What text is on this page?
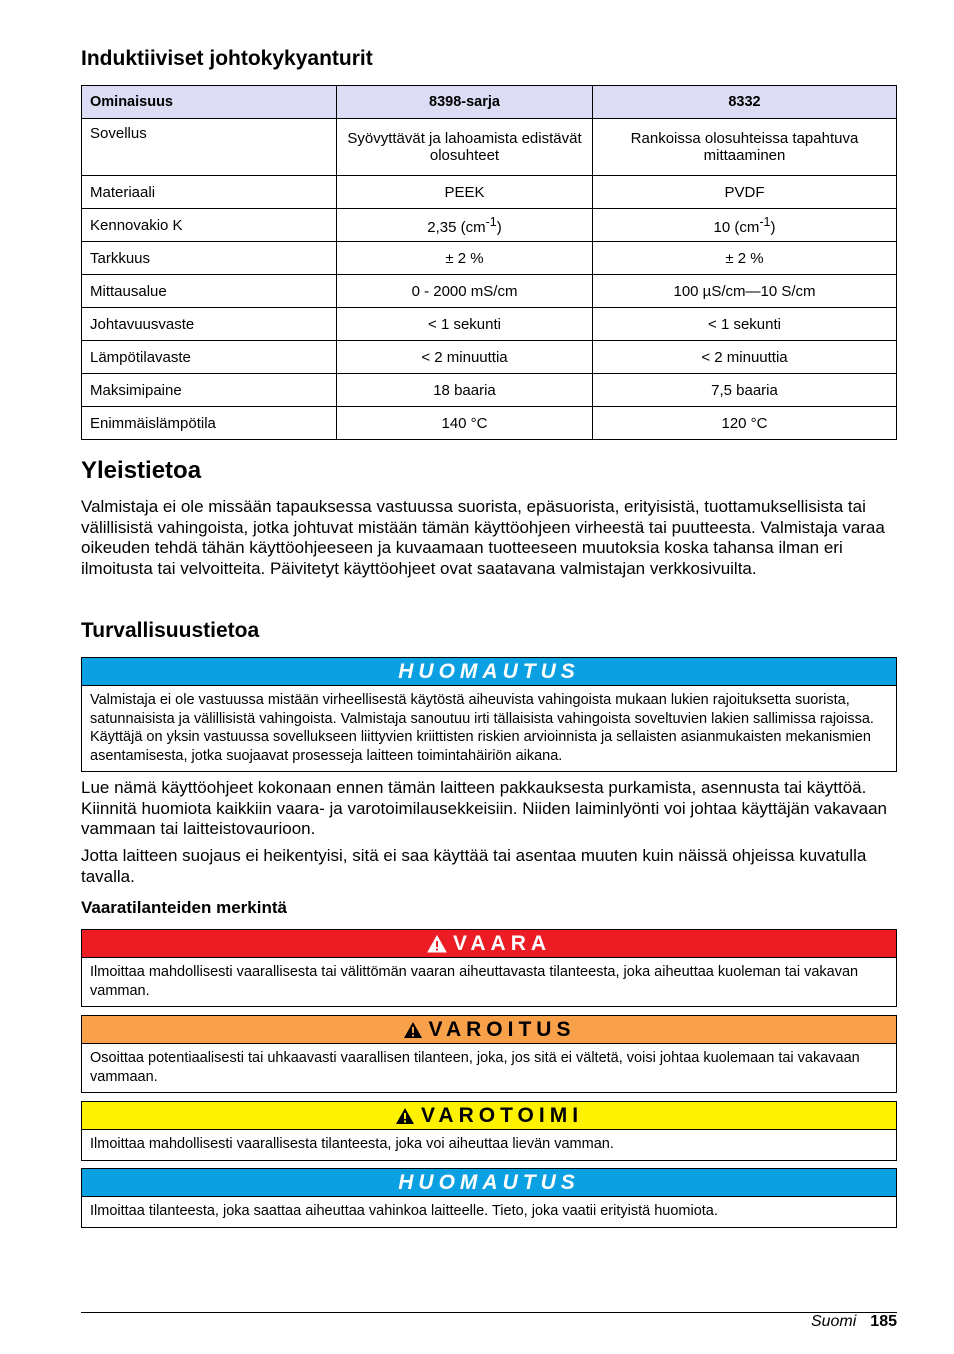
Induktiiviset johtokykyanturit
Ominaisuus	8398-sarja	8332
Sovellus	Syövyttävät ja lahoamista edistävät olosuhteet	Rankoissa olosuhteissa tapahtuva mittaaminen
Materiaali	PEEK	PVDF
Kennovakio K	2,35 $(cm^{-1})$	10 $(cm^{-1})$
Tarkkuus	± 2 %	± 2 %
Mittausalue	0 - 2000 mS/cm	100 µS/cm—10 S/cm
Johtavuusvaste	< 1 sekunti	< 1 sekunti
Lämpötilavaste	< 2 minuuttia	< 2 minuuttia
Maksimipaine	18 baaria	7,5 baaria
Enimmäislämpötila	140 °C	120 °C
Yleistietoa

Valmistaja ei ole missään tapauksessa vastuussa suorista, epäsuorista, erityisistä, tuottamuksellisista tai välillisistä vahingoista, jotka johtuvat mistään tämän käyttöohjeen virheestä tai puutteesta. Valmistaja varaa oikeuden tehdä tähän käyttöohjeeseen ja kuvaamaan tuotteeseen muutoksia koska tahansa ilman eri ilmoitusta tai velvoitteita. Päivitetyt käyttöohjeet ovat saatavana valmistajan verkkosivuilta.

Turvallisuustietoa
HUOMAUTUS
Valmistaja ei ole vastuussa mistään virheellisestä käytöstä aiheuvista vahingoista mukaan lukien rajoituksetta suorista, satunnaisista ja välillisistä vahingoista. Valmistaja sanoutuu irti tällaisista vahingoista soveltuvien lakien sallimissa rajoissa. Käyttäjä on yksin vastuussa sovellukseen liittyvien kriittisten riskien arvioinnista ja sellaisten asianmukaisten mekanismien asentamisesta, jotka suojaavat prosesseja laitteen toimintahäiriön aikana.

Lue nämä käyttöohjeet kokonaan ennen tämän laitteen pakkauksesta purkamista, asennusta tai käyttöä. Kiinnitä huomiota kaikkiin vaara- ja varotoimilausekkeisiin. Niiden laiminlyönti voi johtaa käyttäjän vakavaan vammaan tai laitteistovaurioon.

Jotta laitteen suojaus ei heikentyisi, sitä ei saa käyttää tai asentaa muuten kuin näissä ohjeissa kuvatulla tavalla.

Vaaratilanteiden merkintä
VAARA
Ilmoittaa mahdollisesti vaarallisesta tai välittömän vaaran aiheuttavasta tilanteesta, joka aiheuttaa kuoleman tai vakavan vamman.
VAROITUS
Osoittaa potentiaalisesti tai uhkaavasti vaarallisen tilanteen, joka, jos sitä ei vältetä, voisi johtaa kuolemaan tai vakavaan vammaan.
VAROTOIMI
Ilmoittaa mahdollisesti vaarallisesta tilanteesta, joka voi aiheuttaa lievän vamman.
HUOMAUTUS
Ilmoittaa tilanteesta, joka saattaa aiheuttaa vahinkoa laitteelle. Tieto, joka vaatii erityistä huomiota.
Suomi 185
